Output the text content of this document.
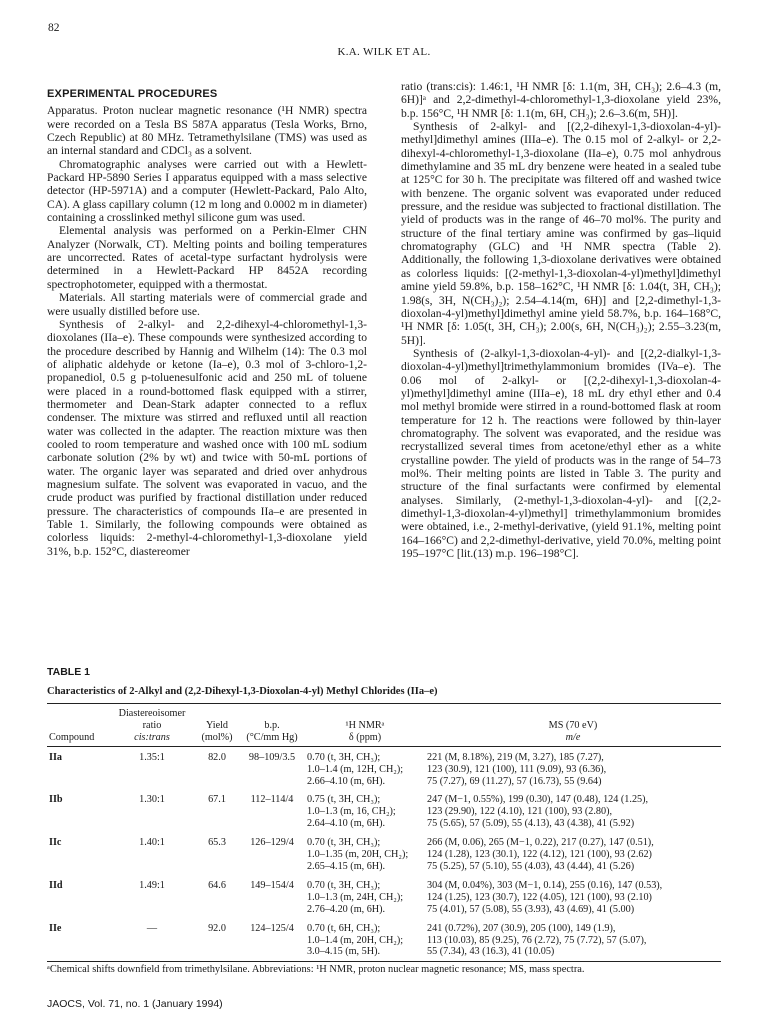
82
K.A. WILK ET AL.
EXPERIMENTAL PROCEDURES

Apparatus. Proton nuclear magnetic resonance (¹H NMR) spectra were recorded on a Tesla BS 587A apparatus (Tesla Works, Brno, Czech Republic) at 80 MHz. Tetramethylsilane (TMS) was used as an internal standard and CDCl₃ as a solvent.

Chromatographic analyses were carried out with a Hewlett-Packard HP-5890 Series I apparatus equipped with a mass selective detector (HP-5971A) and a computer (Hewlett-Packard, Palo Alto, CA). A glass capillary column (12 m long and 0.0002 m in diameter) containing a crosslinked methyl silicone gum was used.

Elemental analysis was performed on a Perkin-Elmer CHN Analyzer (Norwalk, CT). Melting points and boiling temperatures are uncorrected. Rates of acetal-type surfactant hydrolysis were determined in a Hewlett-Packard HP 8452A recording spectrophotometer, equipped with a thermostat.

Materials. All starting materials were of commercial grade and were usually distilled before use.

Synthesis of 2-alkyl- and 2,2-dihexyl-4-chloromethyl-1,3-dioxolanes (IIa–e). These compounds were synthesized according to the procedure described by Hannig and Wilhelm (14): The 0.3 mol of aliphatic aldehyde or ketone (Ia–e), 0.3 mol of 3-chloro-1,2-propanediol, 0.5 g p-toluenesulfonic acid and 250 mL of toluene were placed in a round-bottomed flask equipped with a stirrer, thermometer and Dean-Stark adapter connected to a reflux condenser. The mixture was stirred and refluxed until all reaction water was collected in the adapter. The reaction mixture was then cooled to room temperature and washed once with 100 mL sodium carbonate solution (2% by wt) and twice with 50-mL portions of water. The organic layer was separated and dried over anhydrous magnesium sulfate. The solvent was evaporated in vacuo, and the crude product was purified by fractional distillation under reduced pressure. The characteristics of compounds IIa–e are presented in Table 1. Similarly, the following compounds were obtained as colorless liquids: 2-methyl-4-chloromethyl-1,3-dioxolane yield 31%, b.p. 152°C, diastereomer

ratio (trans:cis): 1.46:1, ¹H NMR [δ: 1.1(m, 3H, CH₃); 2.6–4.3 (m, 6H)]ᵃ and 2,2-dimethyl-4-chloromethyl-1,3-dioxolane yield 23%, b.p. 156°C, ¹H NMR [δ: 1.1(m, 6H, CH₃); 2.6–3.6(m, 5H)].

Synthesis of 2-alkyl- and [(2,2-dihexyl-1,3-dioxolan-4-yl)-methyl]dimethyl amines (IIIa–e). The 0.15 mol of 2-alkyl- or 2,2-dihexyl-4-chloromethyl-1,3-dioxolane (IIa–e), 0.75 mol anhydrous dimethylamine and 35 mL dry benzene were heated in a sealed tube at 125°C for 30 h. The precipitate was filtered off and washed twice with benzene. The organic solvent was evaporated under reduced pressure, and the residue was subjected to fractional distillation. The yield of products was in the range of 46–70 mol%. The purity and structure of the final tertiary amine was confirmed by gas–liquid chromatography (GLC) and ¹H NMR spectra (Table 2). Additionally, the following 1,3-dioxolane derivatives were obtained as colorless liquids: [(2-methyl-1,3-dioxolan-4-yl)methyl]dimethyl amine yield 59.8%, b.p. 158–162°C, ¹H NMR [δ: 1.04(t, 3H, CH₃); 1.98(s, 3H, N(CH₃)₂); 2.54–4.14(m, 6H)] and [2,2-dimethyl-1,3-dioxolan-4-yl)methyl]dimethyl amine yield 58.7%, b.p. 164–168°C, ¹H NMR [δ: 1.05(t, 3H, CH₃); 2.00(s, 6H, N(CH₃)₂); 2.55–3.23(m, 5H)].

Synthesis of (2-alkyl-1,3-dioxolan-4-yl)- and [(2,2-dialkyl-1,3-dioxolan-4-yl)methyl]trimethylammonium bromides (IVa–e). The 0.06 mol of 2-alkyl- or [(2,2-dihexyl-1,3-dioxolan-4-yl)methyl]dimethyl amine (IIIa–e), 18 mL dry ethyl ether and 0.4 mol methyl bromide were stirred in a round-bottomed flask at room temperature for 12 h. The reactions were followed by thin-layer chromatography. The solvent was evaporated, and the residue was recrystallized several times from acetone/ethyl ether as a white crystalline powder. The yield of products was in the range of 54–73 mol%. Their melting points are listed in Table 3. The purity and structure of the final surfactants were confirmed by elemental analyses. Similarly, (2-methyl-1,3-dioxolan-4-yl)- and [(2,2-dimethyl-1,3-dioxolan-4-yl)methyl] trimethylammonium bromides were obtained, i.e., 2-methyl-derivative, (yield 91.1%, melting point 164–166°C) and 2,2-dimethyl-derivative, yield 70.0%, melting point 195–197°C [lit.(13) m.p. 196–198°C].

TABLE 1
Characteristics of 2-Alkyl and (2,2-Dihexyl-1,3-Dioxolan-4-yl) Methyl Chlorides (IIa–e)
Compound	Diastereoisomer
ratio
cis:trans	Yield
(mol%)	b.p.
(°C/mm Hg)	¹H NMRᵃ
δ (ppm)	MS (70 eV)
m/e

IIa	1.35:1	82.0	98–109/3.5	0.70 (t, 3H, CH₃);
1.0–1.4 (m, 12H, CH₂);
2.66–4.10 (m, 6H).	221 (M, 8.18%), 219 (M, 3.27), 185 (7.27),
123 (30.9), 121 (100), 111 (9.09), 93 (6.36),
75 (7.27), 69 (11.27), 57 (16.73), 55 (9.64)

IIb	1.30:1	67.1	112–114/4	0.75 (t, 3H, CH₃);
1.0–1.3 (m, 16, CH₂);
2.64–4.10 (m, 6H).	247 (M−1, 0.55%), 199 (0.30), 147 (0.48), 124 (1.25),
123 (29.90), 122 (4.10), 121 (100), 93 (2.80),
75 (5.65), 57 (5.09), 55 (4.13), 43 (4.38), 41 (5.92)

IIc	1.40:1	65.3	126–129/4	0.70 (t, 3H, CH₃);
1.0–1.35 (m, 20H, CH₂);
2.65–4.15 (m, 6H).	266 (M, 0.06), 265 (M−1, 0.22), 217 (0.27), 147 (0.51),
124 (1.28), 123 (30.1), 122 (4.12), 121 (100), 93 (2.62)
75 (5.25), 57 (5.10), 55 (4.03), 43 (4.44), 41 (5.26)

IId	1.49:1	64.6	149–154/4	0.70 (t, 3H, CH₃);
1.0–1.3 (m, 24H, CH₂);
2.76–4.20 (m, 6H).	304 (M, 0.04%), 303 (M−1, 0.14), 255 (0.16), 147 (0.53),
124 (1.25), 123 (30.7), 122 (4.05), 121 (100), 93 (2.10)
75 (4.01), 57 (5.08), 55 (3.93), 43 (4.69), 41 (5.00)

IIe	—	92.0	124–125/4	0.70 (t, 6H, CH₃);
1.0–1.4 (m, 20H, CH₂);
3.0–4.15 (m, 5H).	241 (0.72%), 207 (30.9), 205 (100), 149 (1.9),
113 (10.03), 85 (9.25), 76 (2.72), 75 (7.72), 57 (5.07),
55 (7.34), 43 (16.3), 41 (10.05)
ᵃChemical shifts downfield from trimethylsilane. Abbreviations: ¹H NMR, proton nuclear magnetic resonance; MS, mass spectra.
JAOCS, Vol. 71, no. 1 (January 1994)
